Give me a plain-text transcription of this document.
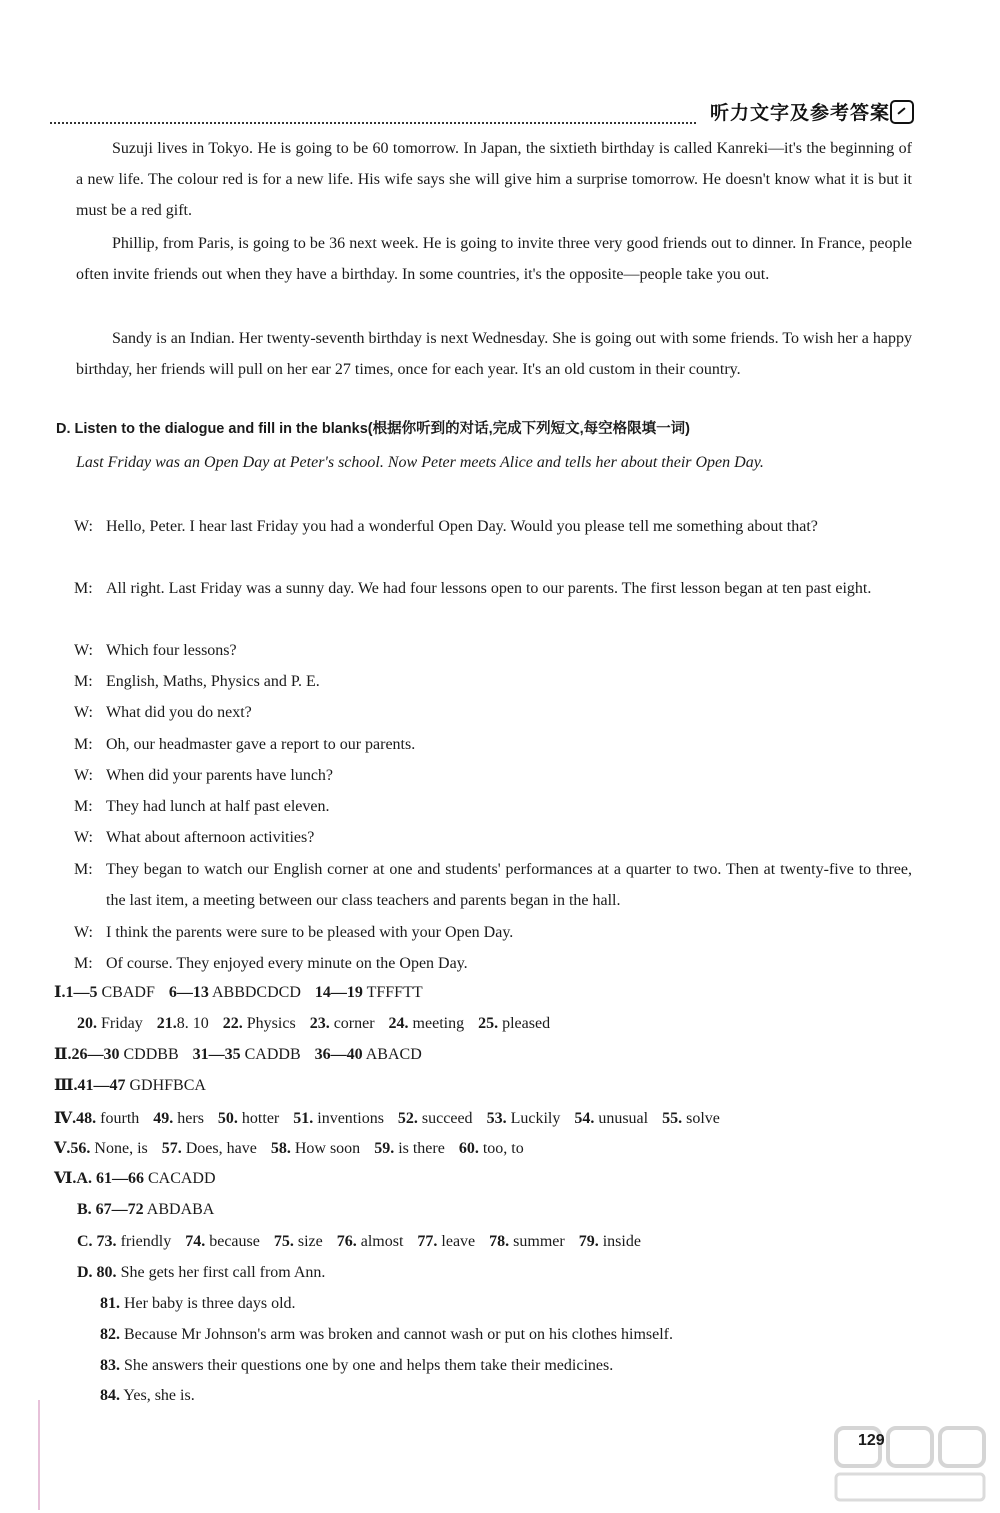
听力文字及参考答案
Suzuji lives in Tokyo. He is going to be 60 tomorrow. In Japan, the sixtieth birthday is called Kanreki—it's the beginning of a new life. The colour red is for a new life. His wife says she will give him a surprise tomorrow. He doesn't know what it is but it must be a red gift.
Phillip, from Paris, is going to be 36 next week. He is going to invite three very good friends out to dinner. In France, people often invite friends out when they have a birthday. In some countries, it's the opposite—people take you out.
Sandy is an Indian. Her twenty-seventh birthday is next Wednesday. She is going out with some friends. To wish her a happy birthday, her friends will pull on her ear 27 times, once for each year. It's an old custom in their country.
D. Listen to the dialogue and fill in the blanks(根据你听到的对话,完成下列短文,每空格限填一词)
Last Friday was an Open Day at Peter's school. Now Peter meets Alice and tells her about their Open Day.
W: Hello, Peter. I hear last Friday you had a wonderful Open Day. Would you please tell me something about that?
M: All right. Last Friday was a sunny day. We had four lessons open to our parents. The first lesson began at ten past eight.
W: Which four lessons?
M: English, Maths, Physics and P. E.
W: What did you do next?
M: Oh, our headmaster gave a report to our parents.
W: When did your parents have lunch?
M: They had lunch at half past eleven.
W: What about afternoon activities?
M: They began to watch our English corner at one and students' performances at a quarter to two. Then at twenty-five to three, the last item, a meeting between our class teachers and parents began in the hall.
W: I think the parents were sure to be pleased with your Open Day.
M: Of course. They enjoyed every minute on the Open Day.
Ⅰ.1—5 CBADF 6—13 ABBDCDCD 14—19 TFFFTT
20. Friday 21.8. 10 22. Physics 23. corner 24. meeting 25. pleased
Ⅱ.26—30 CDDBB 31—35 CADDB 36—40 ABACD
Ⅲ.41—47 GDHFBCA
Ⅳ.48. fourth 49. hers 50. hotter 51. inventions 52. succeed 53. Luckily 54. unusual 55. solve
Ⅴ.56. None, is 57. Does, have 58. How soon 59. is there 60. too, to
Ⅵ.A. 61—66 CACADD
B. 67—72 ABDABA
C. 73. friendly 74. because 75. size 76. almost 77. leave 78. summer 79. inside
D. 80. She gets her first call from Ann.
81. Her baby is three days old.
82. Because Mr Johnson's arm was broken and cannot wash or put on his clothes himself.
83. She answers their questions one by one and helps them take their medicines.
84. Yes, she is.
129
